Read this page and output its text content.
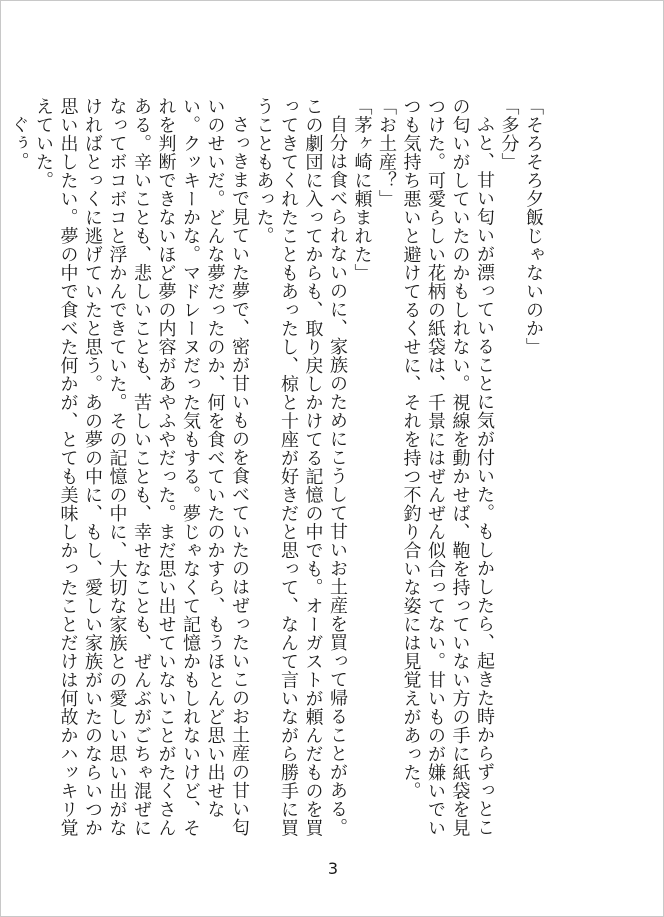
「そろそろ夕飯じゃないのか」

「多分」

ふと、甘い匂いが漂っていることに気が付いた。もしかしたら、起きた時からずっとこの匂いがしていたのかもしれない。視線を動かせば、鞄を持っていない方の手に紙袋を見つけた。可愛らしい花柄の紙袋は、千景にはぜんぜん似合ってない。甘いものが嫌いでいつも気持ち悪いと避けてるくせに、それを持つ不釣り合いな姿には見覚えがあった。

「お土産？」

「茅ヶ崎に頼まれた」

自分は食べられないのに、家族のためにこうして甘いお土産を買って帰ることがある。この劇団に入ってからも、取り戻しかけてる記憶の中でも。オーガストが頼んだものを買ってきてくれたこともあったし、椋と十座が好きだと思って、なんて言いながら勝手に買うこともあった。

さっきまで見ていた夢で、密が甘いものを食べていたのはぜったいこのお土産の甘い匂いのせいだ。どんな夢だったのか、何を食べていたのかすら、もうほとんど思い出せない。クッキーかな。マドレーヌだった気もする。夢じゃなくて記憶かもしれないけど、それを判断できないほど夢の内容があやふやだった。まだ思い出せていないことがたくさんある。辛いことも、悲しいことも、苦しいことも、幸せなことも、ぜんぶがごちゃ混ぜになってボコボコと浮かんできていた。その記憶の中に、大切な家族との愛しい思い出がなければとっくに逃げていたと思う。あの夢の中に、もし、愛しい家族がいたのならいつか思い出したい。夢の中で食べた何かが、とても美味しかったことだけは何故かハッキリ覚えていた。

ぐぅ。

3
